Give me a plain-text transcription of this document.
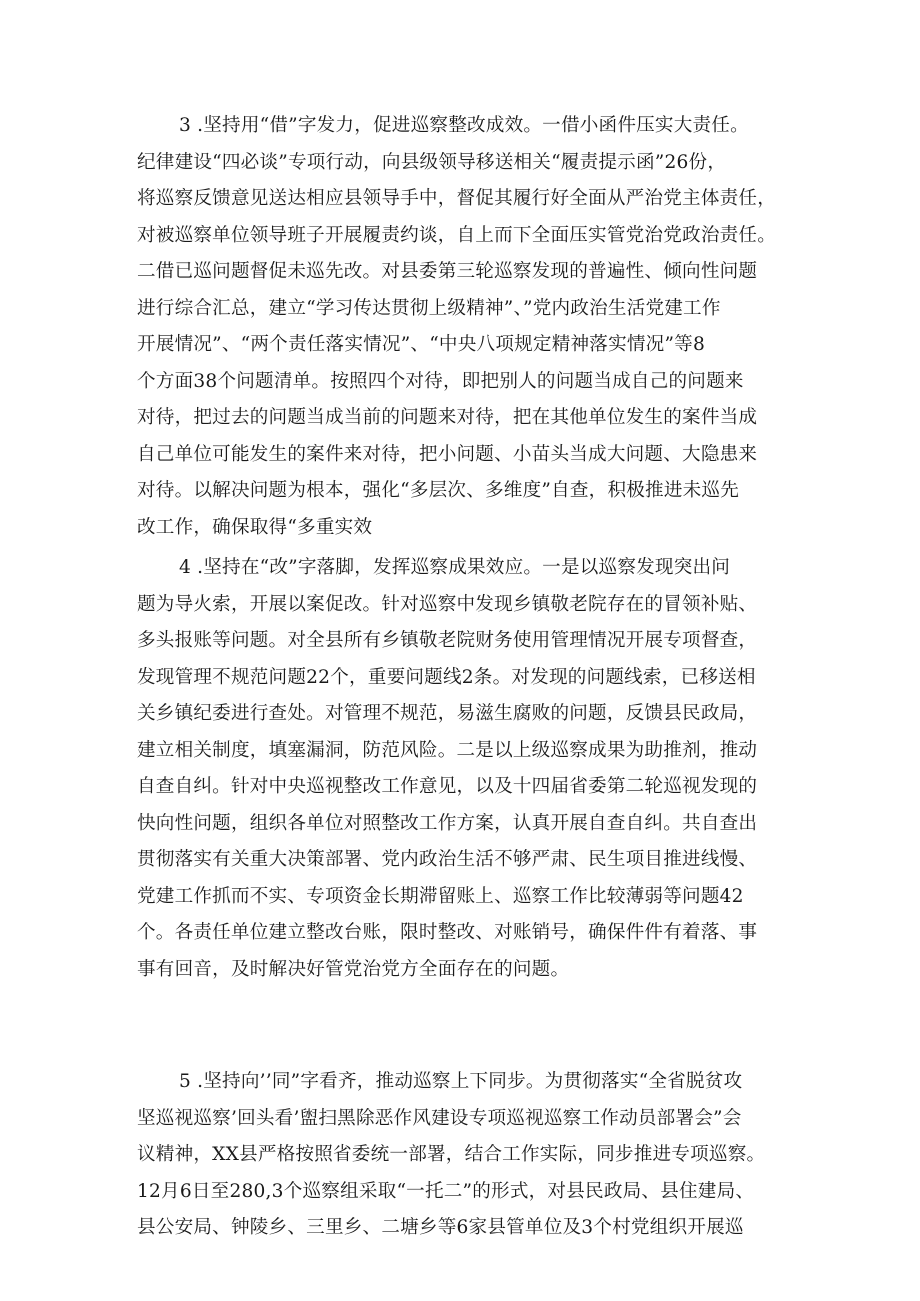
3 .坚持用“借”字发力，促进巡察整改成效。一借小函件压实大责任。
纪律建设“四必谈”专项行动，向县级领导移送相关“履责提示函”26份，
将巡察反馈意见送达相应县领导手中，督促其履行好全面从严治党主体责任，
对被巡察单位领导班子开展履责约谈，自上而下全面压实管党治党政治责任。
二借已巡问题督促未巡先改。对县委第三轮巡察发现的普遍性、倾向性问题
进行综合汇总，建立“学习传达贯彻上级精神”、”党内政治生活党建工作
开展情况”、“两个责任落实情况”、“中央八项规定精神落实情况”等8
个方面38个问题清单。按照四个对待，即把别人的问题当成自己的问题来
对待，把过去的问题当成当前的问题来对待，把在其他单位发生的案件当成
自己单位可能发生的案件来对待，把小问题、小苗头当成大问题、大隐患来
对待。以解决问题为根本，强化“多层次、多维度”自查，积极推进未巡先
改工作，确保取得“多重实效
4 .坚持在“改”字落脚，发挥巡察成果效应。一是以巡察发现突出问
题为导火索，开展以案促改。针对巡察中发现乡镇敬老院存在的冒领补贴、
多头报账等问题。对全县所有乡镇敬老院财务使用管理情况开展专项督查，
发现管理不规范问题22个，重要问题线2条。对发现的问题线索，已移送相
关乡镇纪委进行查处。对管理不规范，易滋生腐败的问题，反馈县民政局，
建立相关制度，填塞漏洞，防范风险。二是以上级巡察成果为助推剂，推动
自查自纠。针对中央巡视整改工作意见，以及十四届省委第二轮巡视发现的
快向性问题，组织各单位对照整改工作方案，认真开展自查自纠。共自查出
贯彻落实有关重大决策部署、党内政治生活不够严肃、民生项目推进线慢、
党建工作抓而不实、专项资金长期滞留账上、巡察工作比较薄弱等问题42
个。各责任单位建立整改台账，限时整改、对账销号，确保件件有着落、事
事有回音，及时解决好管党治党方全面存在的问题。
5 .坚持向’’同”字看齐，推动巡察上下同步。为贯彻落实“全省脱贫攻
坚巡视巡察’回头看’盥扫黑除恶作风建设专项巡视巡察工作动员部署会”会
议精神，XX县严格按照省委统一部署，结合工作实际，同步推进专项巡察。
12月6日至280,3个巡察组采取“一托二”的形式，对县民政局、县住建局、
县公安局、钟陵乡、三里乡、二塘乡等6家县管单位及3个村党组织开展巡
